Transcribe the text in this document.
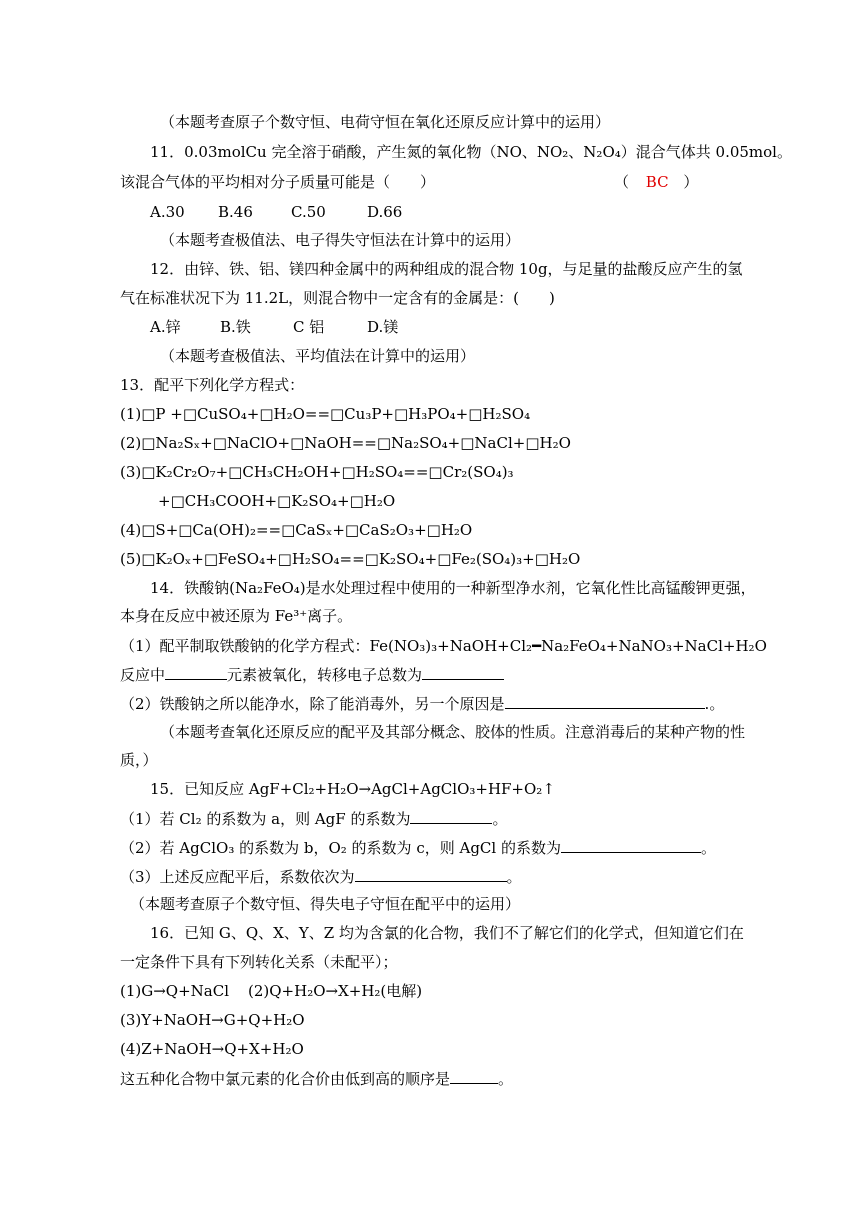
（本题考查原子个数守恒、电荷守恒在氧化还原反应计算中的运用）
11．0.03molCu 完全溶于硝酸，产生氮的氧化物（NO、NO₂、N₂O₄）混合气体共 0.05mol。
该混合气体的平均相对分子质量可能是（　　）	（ BC ）
A.30 B.46	C.50	D.66
（本题考查极值法、电子得失守恒法在计算中的运用）
12．由锌、铁、铝、镁四种金属中的两种组成的混合物 10g，与足量的盐酸反应产生的氢
气在标准状况下为 11.2L，则混合物中一定含有的金属是：(　　)
A.锌	B.铁	C 铝	D.镁
（本题考查极值法、平均值法在计算中的运用）
13．配平下列化学方程式：
(1)□P +□CuSO₄+□H₂O==□Cu₃P+□H₃PO₄+□H₂SO₄
(2)□Na₂Sₓ+□NaClO+□NaOH==□Na₂SO₄+□NaCl+□H₂O
(3)□K₂Cr₂O₇+□CH₃CH₂OH+□H₂SO₄==□Cr₂(SO₄)₃
+□CH₃COOH+□K₂SO₄+□H₂O
(4)□S+□Ca(OH)₂==□CaSₓ+□CaS₂O₃+□H₂O
(5)□K₂Oₓ+□FeSO₄+□H₂SO₄==□K₂SO₄+□Fe₂(SO₄)₃+□H₂O
14．铁酸钠(Na₂FeO₄)是水处理过程中使用的一种新型净水剂，它氧化性比高锰酸钾更强，
本身在反应中被还原为 Fe³⁺离子。
（1）配平制取铁酸钠的化学方程式：Fe(NO₃)₃+NaOH+Cl₂━Na₂FeO₄+NaNO₃+NaCl+H₂O
反应中	元素被氧化，转移电子总数为
（2）铁酸钠之所以能净水，除了能消毒外，另一个原因是	.。
（本题考查氧化还原反应的配平及其部分概念、胶体的性质。注意消毒后的某种产物的性
质，）
15．已知反应 AgF+Cl₂+H₂O→AgCl+AgClO₃+HF+O₂↑
（1）若 Cl₂ 的系数为 a，则 AgF 的系数为	。
（2）若 AgClO₃ 的系数为 b，O₂ 的系数为 c，则 AgCl 的系数为	。
（3）上述反应配平后，系数依次为	。
（本题考查原子个数守恒、得失电子守恒在配平中的运用）
16．已知 G、Q、X、Y、Z 均为含氯的化合物，我们不了解它们的化学式，但知道它们在
一定条件下具有下列转化关系（未配平）；
(1)G→Q+NaCl (2)Q+H₂O→X+H₂(电解)
(3)Y+NaOH→G+Q+H₂O
(4)Z+NaOH→Q+X+H₂O
这五种化合物中氯元素的化合价由低到高的顺序是	。
